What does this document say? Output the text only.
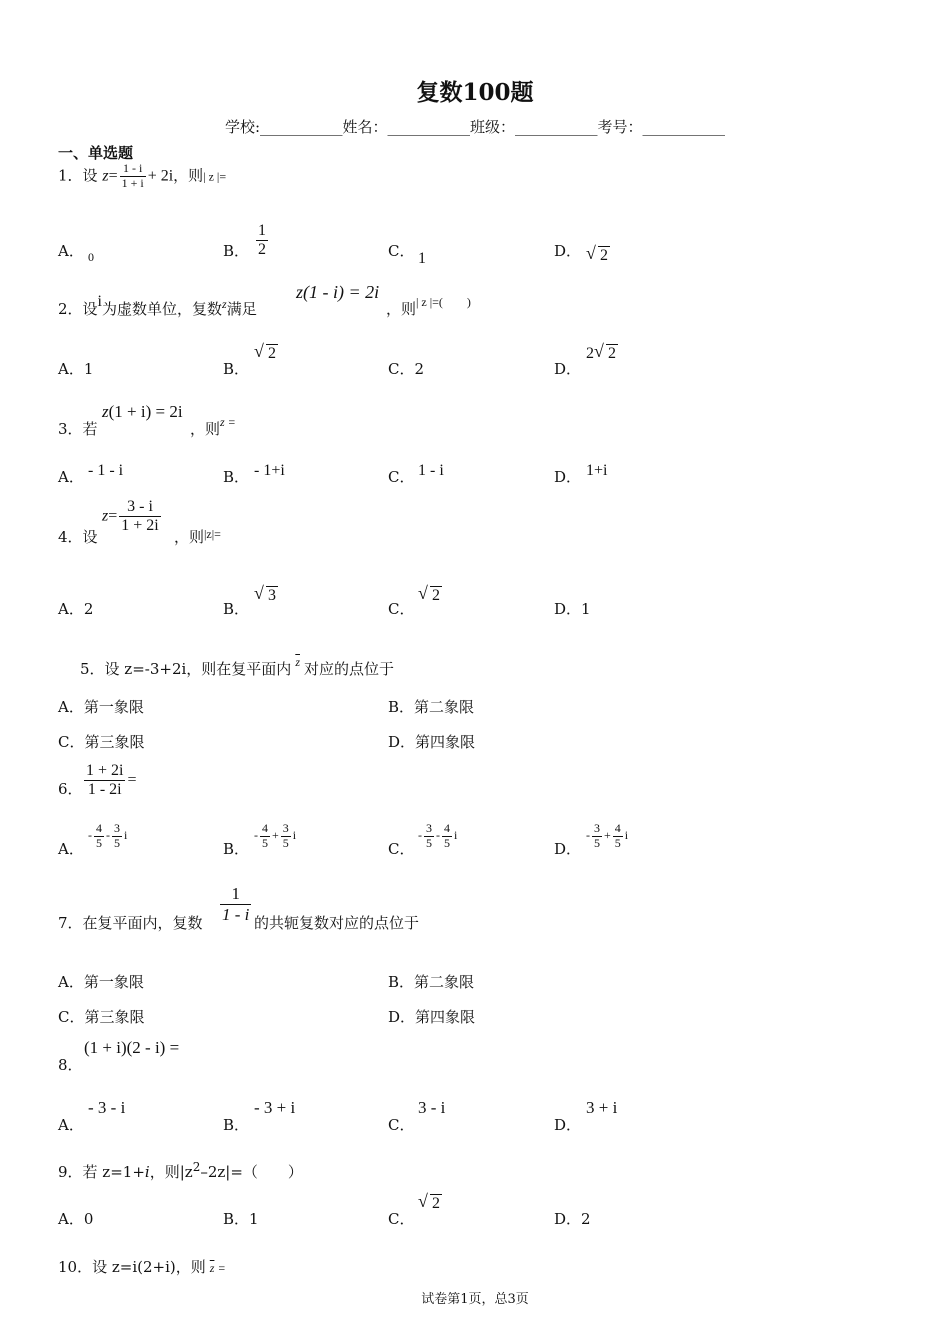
复数100题
学校:___________姓名：___________班级：___________考号：___________
一、单选题
1．设 $z= \frac{1 - i}{1 + i} + 2i$，则| z |=
A． 0	B． $\frac{1}{2}$	C． 1	D． √ 2
2．设i为虚数单位，复数$^z$满足
z(1 - i) = 2i
，则$^{| z |=( )}$
A．1	B．
√ 2
C．2	D．
2 √ 2
3．若
z(1 + i) = 2i
，则$^{z =}$
A． - 1 - i	B． - 1+i	C． 1 - i	D． 1+i
4．设
$z= \frac{3 - i}{1 + 2i}$
，则$^{|z|=}$
A．2	B．
√ 3
C．
√ 2
D．1
5．设 z=-3+2i，则在复平面内 $^{\overline{z}}$ 对应的点位于
A．第一象限	B．第二象限
C．第三象限	D．第四象限
6． $\frac{1 + 2i}{1 - 2i}$ =
A．
- $\frac{4}{5} - \frac{3}{5}$ i
B．
- $\frac{4}{5} + \frac{3}{5}$ i
C．
- $\frac{3}{5} - \frac{4}{5}$ i
D．
- $\frac{3}{5} + \frac{4}{5}$ i
7．在复平面内，复数 $\frac{1}{1 - i}$ 的共轭复数对应的点位于
A．第一象限	B．第二象限
C．第三象限	D．第四象限
(1 + i)(2 - i) =
8．
A．
- 3 - i
B．
- 3 + i
C．
3 - i
D．
3 + i
9．若 z=1+i，则$|z^2-2z|=$（　　）
A．0	B．1	C．
√ 2
D．2
10．设 z=i(2+i)，则 $\overline{z}$ =
试卷第1页，总3页
